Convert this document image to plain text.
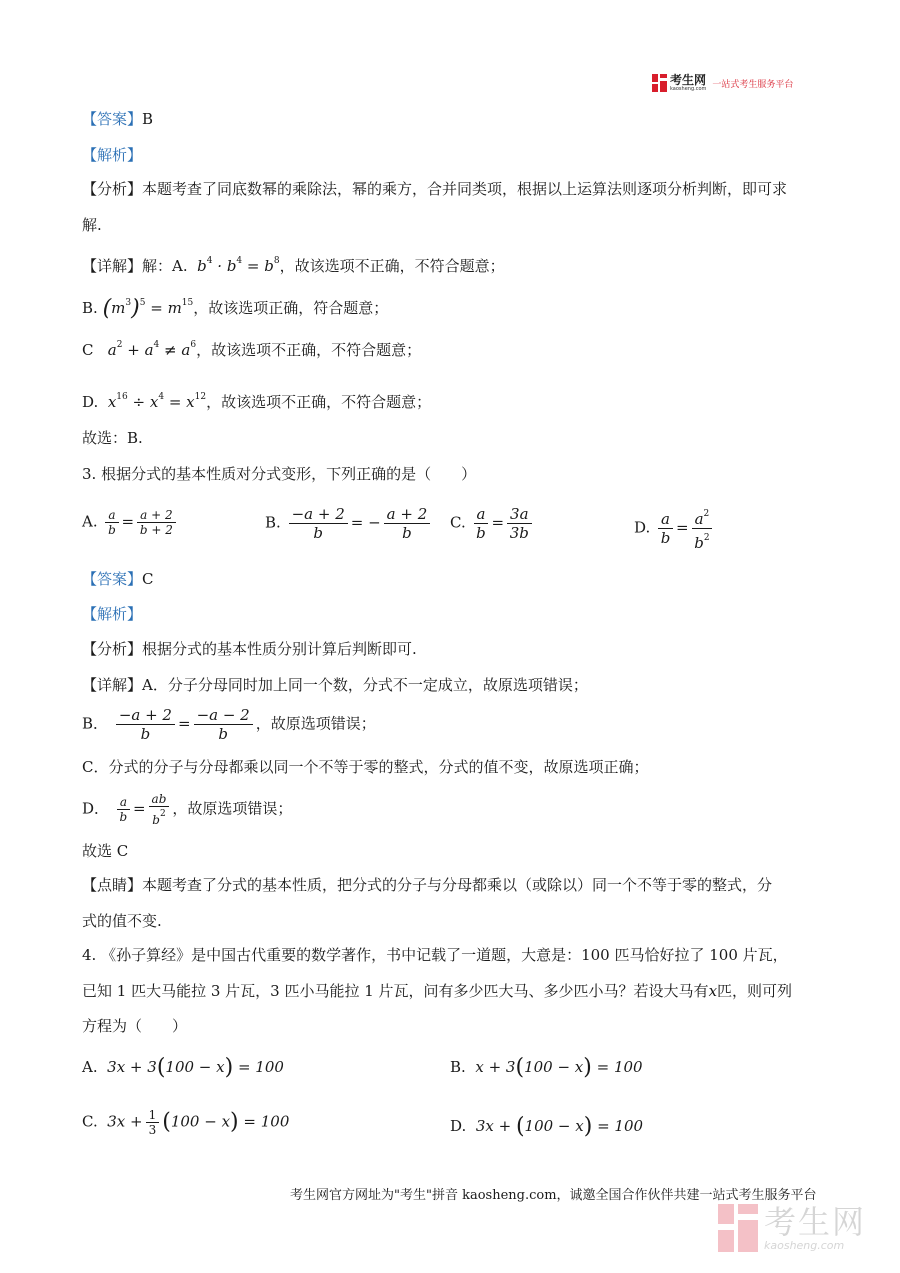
考生网
kaosheng.com 一站式考生服务平台
【答案】B
【解析】
【分析】本题考查了同底数幂的乘除法，幂的乘方，合并同类项，根据以上运算法则逐项分析判断，即可求
解.
【详解】解：A.  $b^4 \cdot b^4 = b^8$，故该选项不正确，不符合题意；
B. $(m^3)^5 = m^{15}$，故该选项正确，符合题意；
C   $a^2 + a^4 \ne a^6$，故该选项不正确，不符合题意；
D.  $x^{16} \div x^4 = x^{12}$，故该选项不正确，不符合题意；
故选：B.
3. 根据分式的基本性质对分式变形，下列正确的是（　　）
A. $\frac{a}{b} = \frac{a + 2}{b + 2}$	B. $\frac{-a + 2}{b}$ = − $\frac{a + 2}{b} C$. $\frac{a}{b} = \frac{3a}{3b}$	D. $\frac{a}{b} = \frac{a^2}{b^2}$
【答案】C
【解析】
【分析】根据分式的基本性质分别计算后判断即可.
【详解】A．分子分母同时加上同一个数，分式不一定成立，故原选项错误；
B． $\frac{-a + 2}{b} = \frac{-a - 2}{b}$ ，故原选项错误；
C．分式的分子与分母都乘以同一个不等于零的整式，分式的值不变，故原选项正确；
D． $\frac{a}{b} = \frac{ab}{b^2}$ ，故原选项错误；
故选 C
【点睛】本题考查了分式的基本性质，把分式的分子与分母都乘以（或除以）同一个不等于零的整式，分
式的值不变.
4. 《孙子算经》是中国古代重要的数学著作，书中记载了一道题，大意是：100 匹马恰好拉了 100 片瓦，
已知 1 匹大马能拉 3 片瓦，3 匹小马能拉 1 片瓦，问有多少匹大马、多少匹小马？若设大马有x匹，则可列
方程为（　　）
A.  3x + 3(100 − x) = 100	B.  x + 3(100 − x) = 100
C.  $3x + \frac{1}{3} (100 - x) = 100$	D.  3x + (100 − x) = 100
考生网官方网址为"考生"拼音 kaosheng.com，诚邀全国合作伙伴共建一站式考生服务平台
考生网
kaosheng.com
